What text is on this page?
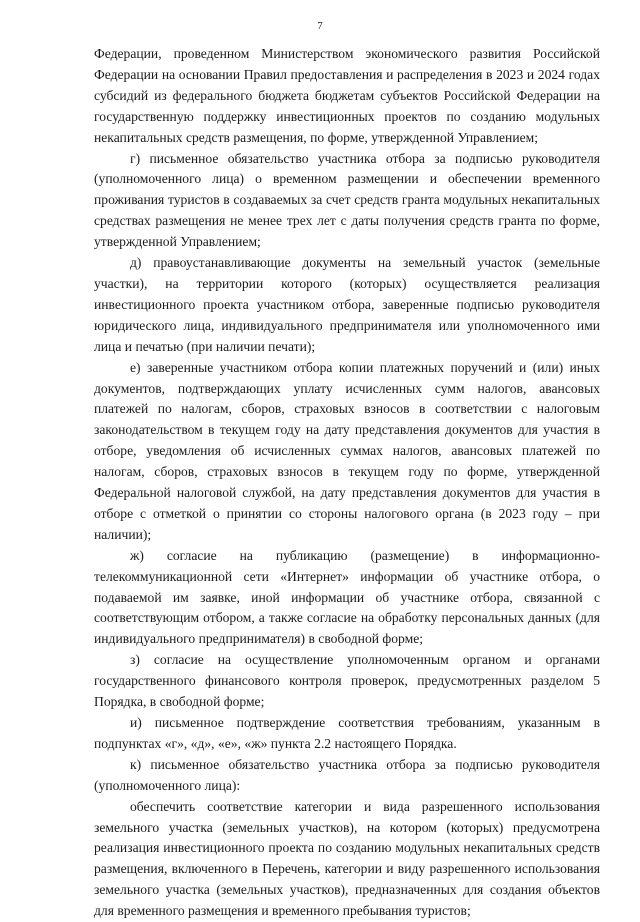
7

Федерации, проведенном Министерством экономического развития Российской Федерации на основании Правил предоставления и распределения в 2023 и 2024 годах субсидий из федерального бюджета бюджетам субъектов Российской Федерации на государственную поддержку инвестиционных проектов по созданию модульных некапитальных средств размещения, по форме, утвержденной Управлением;

г) письменное обязательство участника отбора за подписью руководителя (уполномоченного лица) о временном размещении и обеспечении временного проживания туристов в создаваемых за счет средств гранта модульных некапитальных средствах размещения не менее трех лет с даты получения средств гранта по форме, утвержденной Управлением;

д) правоустанавливающие документы на земельный участок (земельные участки), на территории которого (которых) осуществляется реализация инвестиционного проекта участником отбора, заверенные подписью руководителя юридического лица, индивидуального предпринимателя или уполномоченного ими лица и печатью (при наличии печати);

е) заверенные участником отбора копии платежных поручений и (или) иных документов, подтверждающих уплату исчисленных сумм налогов, авансовых платежей по налогам, сборов, страховых взносов в соответствии с налоговым законодательством в текущем году на дату представления документов для участия в отборе, уведомления об исчисленных суммах налогов, авансовых платежей по налогам, сборов, страховых взносов в текущем году по форме, утвержденной Федеральной налоговой службой, на дату представления документов для участия в отборе с отметкой о принятии со стороны налогового органа (в 2023 году – при наличии);

ж) согласие на публикацию (размещение) в информационно-телекоммуникационной сети «Интернет» информации об участнике отбора, о подаваемой им заявке, иной информации об участнике отбора, связанной с соответствующим отбором, а также согласие на обработку персональных данных (для индивидуального предпринимателя) в свободной форме;

з) согласие на осуществление уполномоченным органом и органами государственного финансового контроля проверок, предусмотренных разделом 5 Порядка, в свободной форме;

и) письменное подтверждение соответствия требованиям, указанным в подпунктах «г», «д», «е», «ж» пункта 2.2 настоящего Порядка.

к) письменное обязательство участника отбора за подписью руководителя (уполномоченного лица):

обеспечить соответствие категории и вида разрешенного использования земельного участка (земельных участков), на котором (которых) предусмотрена реализация инвестиционного проекта по созданию модульных некапитальных средств размещения, включенного в Перечень, категории и виду разрешенного использования земельного участка (земельных участков), предназначенных для создания объектов для временного размещения и временного пребывания туристов;
